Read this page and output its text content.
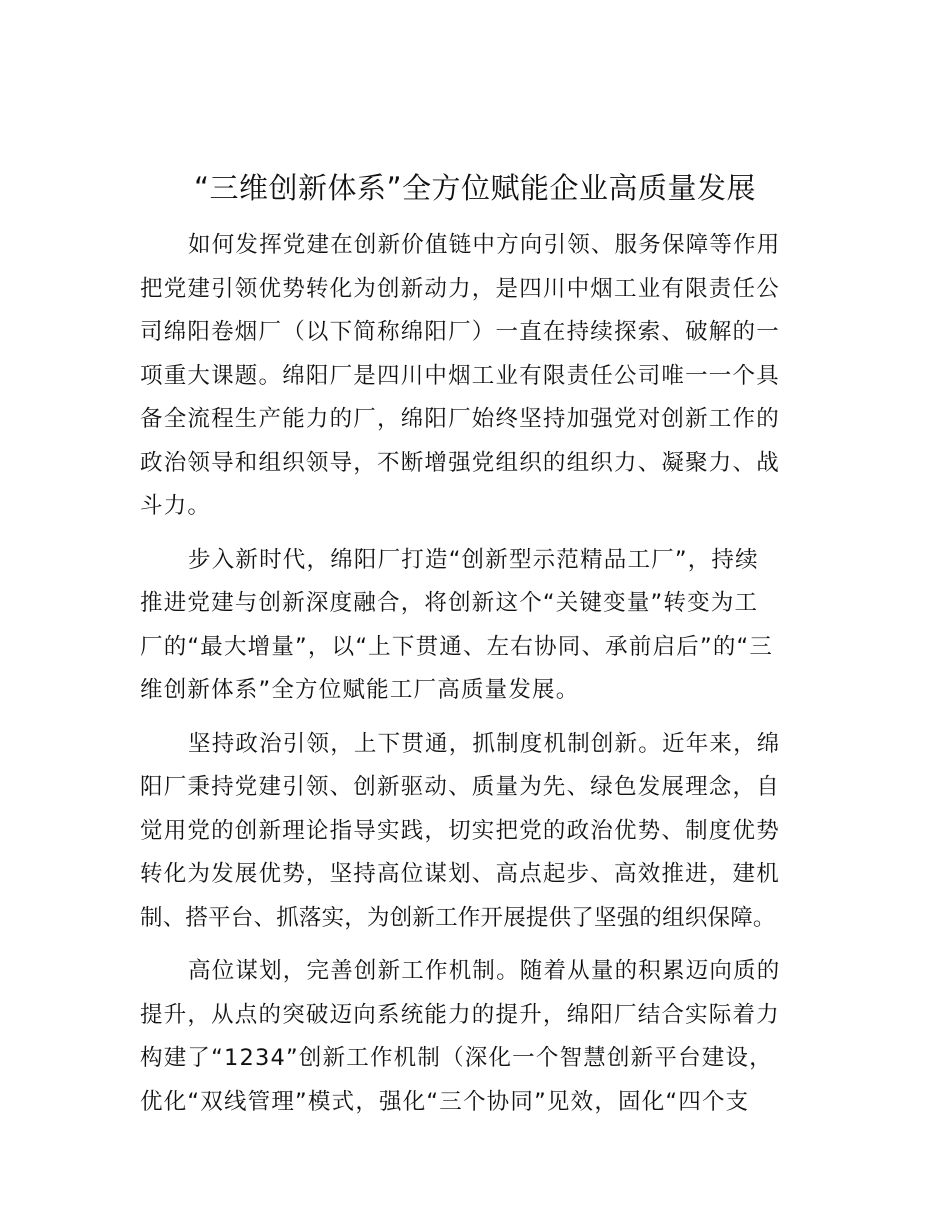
“三维创新体系”全方位赋能企业高质量发展
如何发挥党建在创新价值链中方向引领、服务保障等作用
把党建引领优势转化为创新动力，是四川中烟工业有限责任公
司绵阳卷烟厂（以下简称绵阳厂）一直在持续探索、破解的一
项重大课题。绵阳厂是四川中烟工业有限责任公司唯一一个具
备全流程生产能力的厂，绵阳厂始终坚持加强党对创新工作的
政治领导和组织领导，不断增强党组织的组织力、凝聚力、战
斗力。
步入新时代，绵阳厂打造“创新型示范精品工厂”，持续
推进党建与创新深度融合，将创新这个“关键变量”转变为工
厂的“最大增量”，以“上下贯通、左右协同、承前启后”的“三
维创新体系”全方位赋能工厂高质量发展。
坚持政治引领，上下贯通，抓制度机制创新。近年来，绵
阳厂秉持党建引领、创新驱动、质量为先、绿色发展理念，自
觉用党的创新理论指导实践，切实把党的政治优势、制度优势
转化为发展优势，坚持高位谋划、高点起步、高效推进，建机
制、搭平台、抓落实，为创新工作开展提供了坚强的组织保障。
高位谋划，完善创新工作机制。随着从量的积累迈向质的
提升，从点的突破迈向系统能力的提升，绵阳厂结合实际着力
构建了“1234”创新工作机制（深化一个智慧创新平台建设，
优化“双线管理”模式，强化“三个协同”见效，固化“四个支
